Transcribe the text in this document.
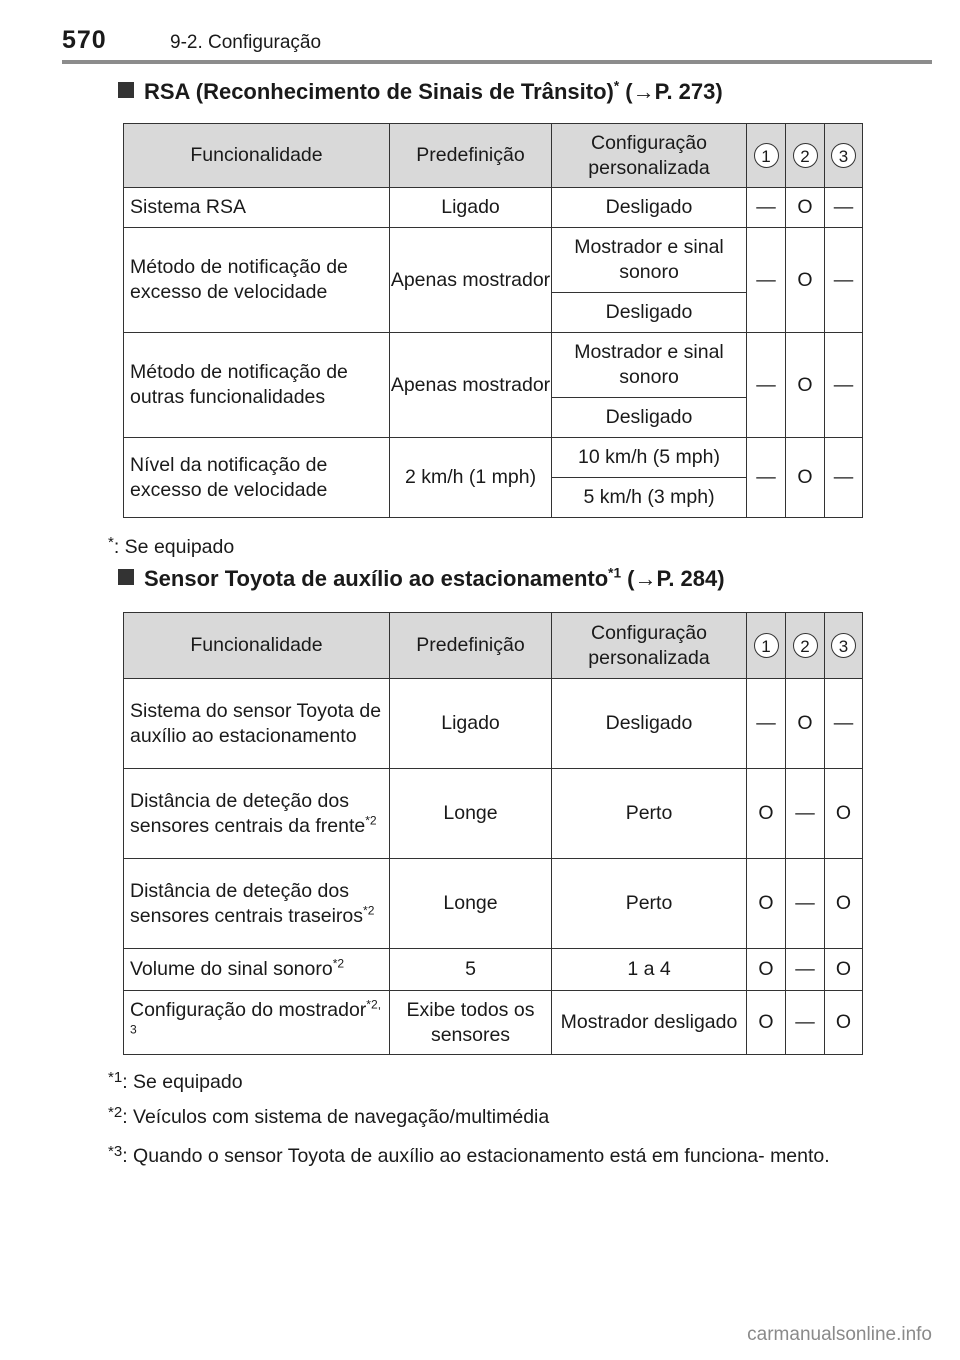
570	9-2. Configuração
RSA (Reconhecimento de Sinais de Trânsito)* (→P. 273)
Funcionalidade	Predefinição	Configuração personalizada	1	2	3
Sistema RSA	Ligado	Desligado	—	O	—
Método de notificação de excesso de velocidade	Apenas mostrador	Mostrador e sinal sonoro	—	O	—
		Desligado			
Método de notificação de outras funcionalidades	Apenas mostrador	Mostrador e sinal sonoro	—	O	—
		Desligado			
Nível da notificação de excesso de velocidade	2 km/h (1 mph)	10 km/h (5 mph)	—	O	—
		5 km/h (3 mph)			
*: Se equipado
Sensor Toyota de auxílio ao estacionamento$^{*1}$ (→P. 284)
Funcionalidade	Predefinição	Configuração personalizada	1	2	3
Sistema do sensor Toyota de auxílio ao estacionamento	Ligado	Desligado	—	O	—
Distância de deteção dos sensores centrais da frente$^{*2}$	Longe	Perto	O	—	O
Distância de deteção dos sensores centrais traseiros$^{*2}$	Longe	Perto	O	—	O
Volume do sinal sonoro$^{*2}$	5	1 a 4	O	—	O
Configuração do mostrador$^{*2, 3}$	Exibe todos os sensores	Mostrador desligado	O	—	O
$^{*1}$: Se equipado
$^{*2}$: Veículos com sistema de navegação/multimédia
$^{*3}$: Quando o sensor Toyota de auxílio ao estacionamento está em funciona- mento.
carmanualsonline.info
